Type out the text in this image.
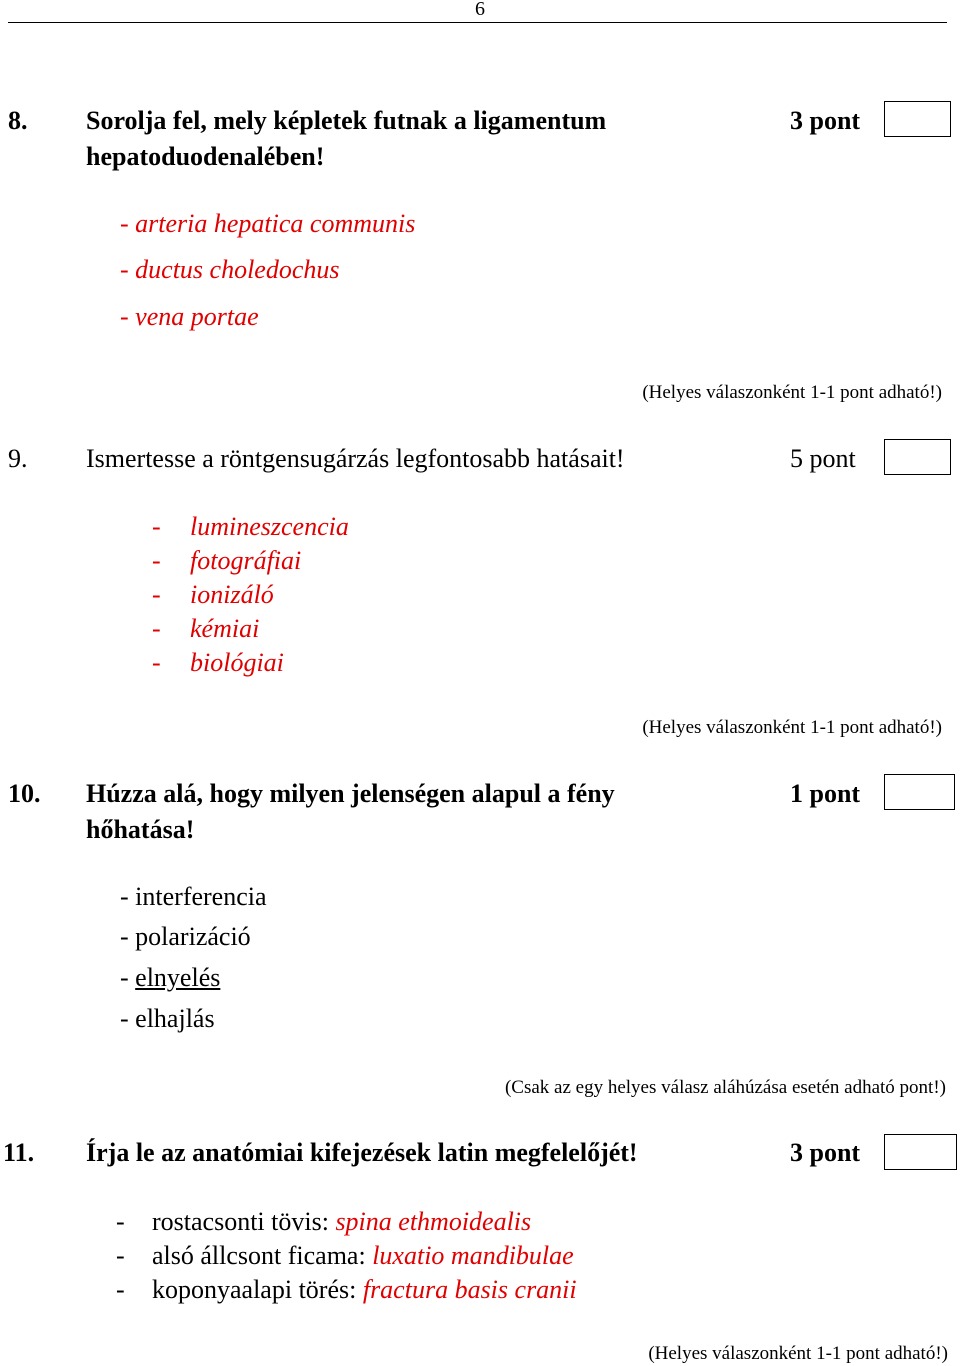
6
8. Sorolja fel, mely képletek futnak a ligamentum
hepatoduodenalében!
3 pont
- arteria hepatica communis
- ductus choledochus
- vena portae
(Helyes válaszonként 1-1 pont adható!)
9. Ismertesse a röntgensugárzás legfontosabb hatásait!	5 pont
- lumineszcencia
- fotográfiai
- ionizáló
- kémiai
- biológiai
(Helyes válaszonként 1-1 pont adható!)
10. Húzza alá, hogy milyen jelenségen alapul a fény
hőhatása!
1 pont
- interferencia
- polarizáció
- elnyelés
- elhajlás
(Csak az egy helyes válasz aláhúzása esetén adható pont!)
11. Írja le az anatómiai kifejezések latin megfelelőjét!	3 pont
- rostacsonti tövis: spina ethmoidealis
- alsó állcsont ficama: luxatio mandibulae
- koponyaalapi törés: fractura basis cranii
(Helyes válaszonként 1-1 pont adható!)
